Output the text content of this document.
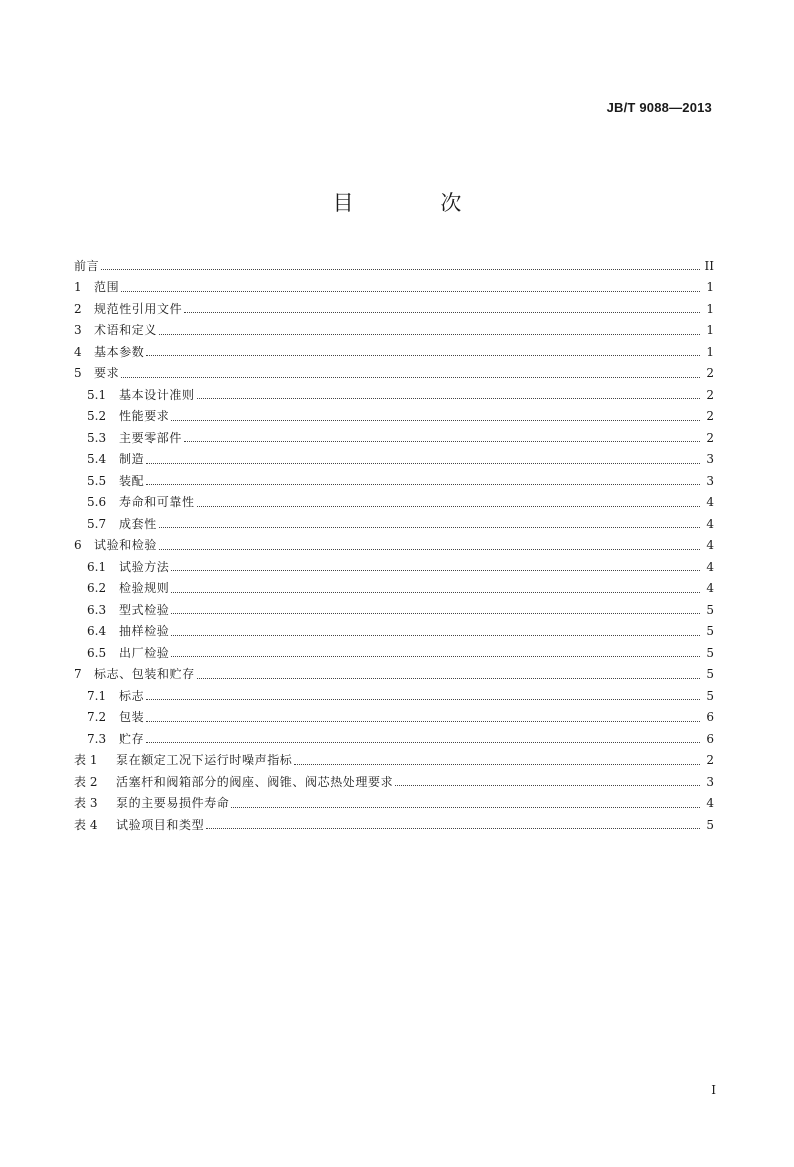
JB/T 9088—2013
目 次
前言	II
1	范围	1
2	规范性引用文件	1
3	术语和定义	1
4	基本参数	1
5	要求	2
5.1	基本设计准则	2
5.2	性能要求	2
5.3	主要零部件	2
5.4	制造	3
5.5	装配	3
5.6	寿命和可靠性	4
5.7	成套性	4
6	试验和检验	4
6.1	试验方法	4
6.2	检验规则	4
6.3	型式检验	5
6.4	抽样检验	5
6.5	出厂检验	5
7	标志、包装和贮存	5
7.1	标志	5
7.2	包装	6
7.3	贮存	6
表 1	泵在额定工况下运行时噪声指标	2
表 2	活塞杆和阀箱部分的阀座、阀锥、阀芯热处理要求	3
表 3	泵的主要易损件寿命	4
表 4	试验项目和类型	5
I
